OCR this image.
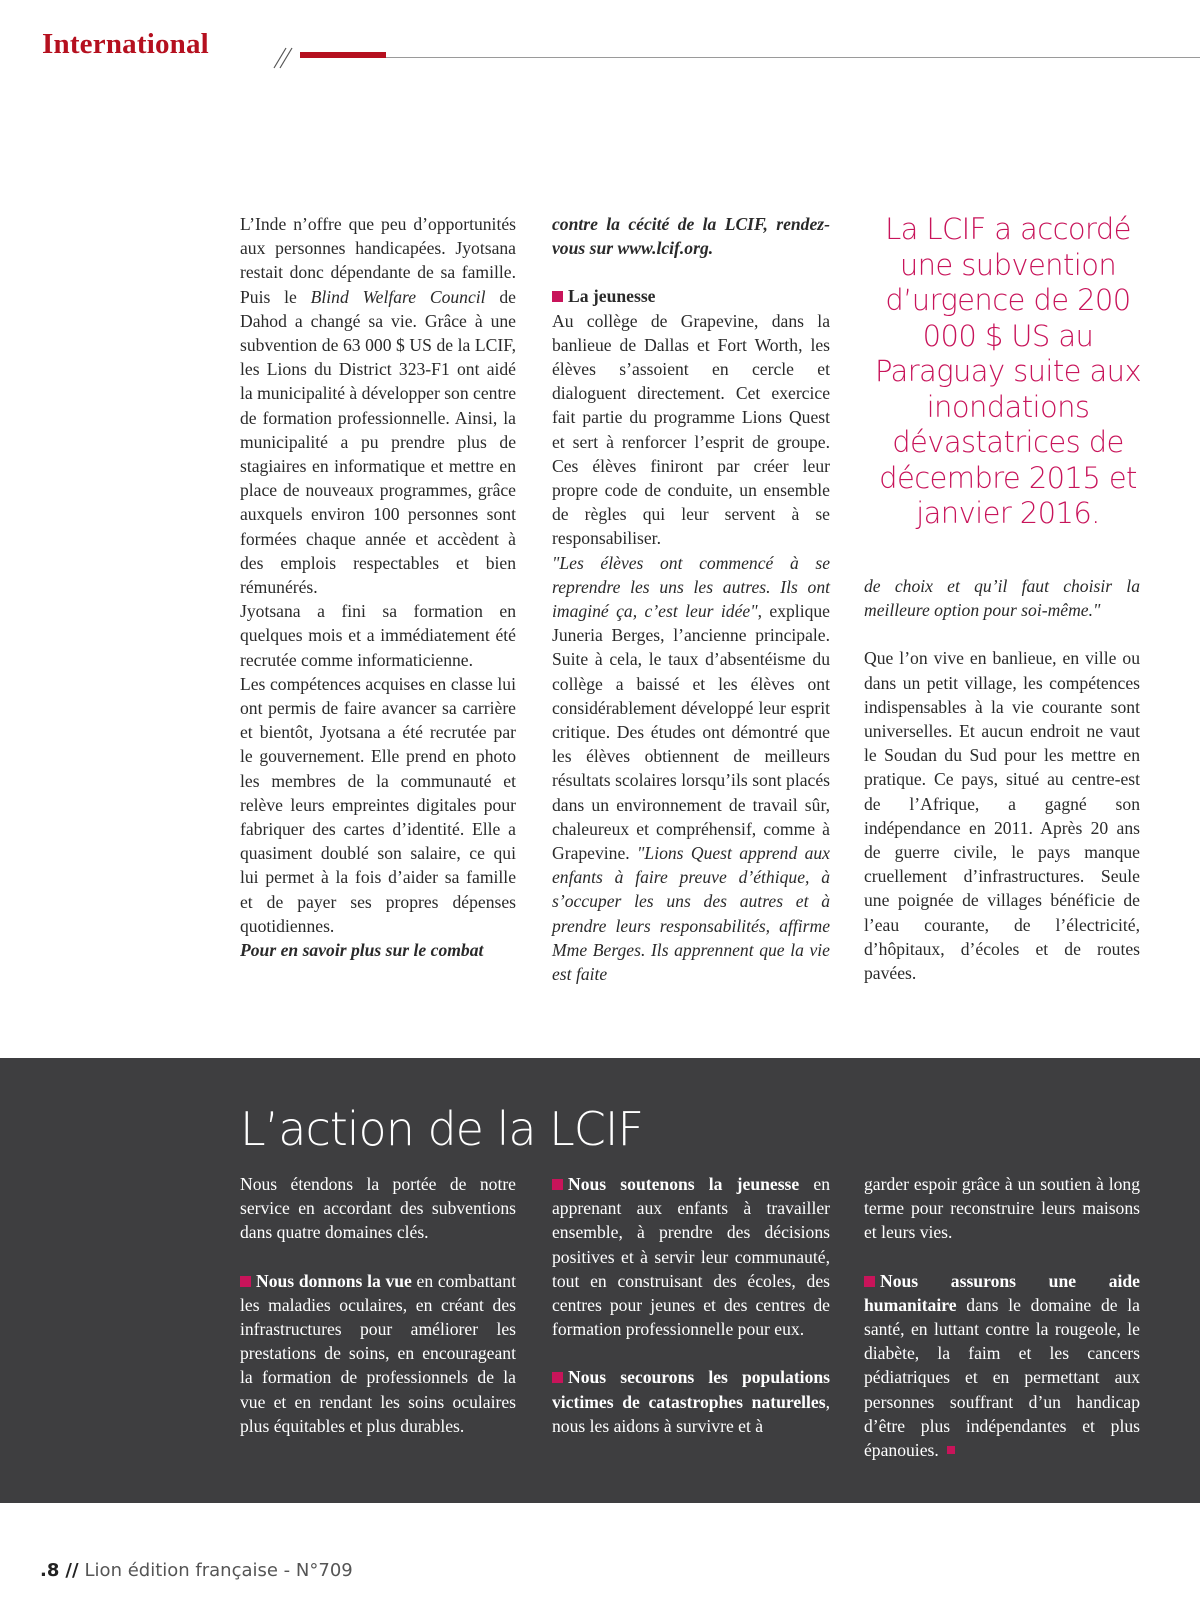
International

L’Inde n’offre que peu d’opportunités aux personnes handicapées. Jyotsana restait donc dépendante de sa famille. Puis le Blind Welfare Council de Dahod a changé sa vie. Grâce à une subvention de 63 000 $ US de la LCIF, les Lions du District 323-F1 ont aidé la municipalité à développer son centre de formation professionnelle. Ainsi, la municipalité a pu prendre plus de stagiaires en informatique et mettre en place de nouveaux programmes, grâce auxquels environ 100 personnes sont formées chaque année et accèdent à des emplois respectables et bien rémunérés.

Jyotsana a fini sa formation en quelques mois et a immédiatement été recrutée comme informaticienne.

Les compétences acquises en classe lui ont permis de faire avancer sa carrière et bientôt, Jyotsana a été recrutée par le gouvernement. Elle prend en photo les membres de la communauté et relève leurs empreintes digitales pour fabriquer des cartes d’identité. Elle a quasiment doublé son salaire, ce qui lui permet à la fois d’aider sa famille et de payer ses propres dépenses quotidiennes.

Pour en savoir plus sur le combat

contre la cécité de la LCIF, rendez-vous sur www.lcif.org.

La jeunesse

Au collège de Grapevine, dans la banlieue de Dallas et Fort Worth, les élèves s’assoient en cercle et dialoguent directement. Cet exercice fait partie du programme Lions Quest et sert à renforcer l’esprit de groupe. Ces élèves finiront par créer leur propre code de conduite, un ensemble de règles qui leur servent à se responsabiliser.

"Les élèves ont commencé à se reprendre les uns les autres. Ils ont imaginé ça, c’est leur idée", explique Juneria Berges, l’ancienne principale. Suite à cela, le taux d’absentéisme du collège a baissé et les élèves ont considérablement développé leur esprit critique. Des études ont démontré que les élèves obtiennent de meilleurs résultats scolaires lorsqu’ils sont placés dans un environnement de travail sûr, chaleureux et compréhensif, comme à Grapevine. "Lions Quest apprend aux enfants à faire preuve d’éthique, à s’occuper les uns des autres et à prendre leurs responsabilités, affirme Mme Berges. Ils apprennent que la vie est faite

La LCIF a accordé une subvention d’urgence de 200 000 $ US au Paraguay suite aux inondations dévastatrices de décembre 2015 et janvier 2016.

de choix et qu’il faut choisir la meilleure option pour soi-même."

Que l’on vive en banlieue, en ville ou dans un petit village, les compétences indispensables à la vie courante sont universelles. Et aucun endroit ne vaut le Soudan du Sud pour les mettre en pratique. Ce pays, situé au centre-est de l’Afrique, a gagné son indépendance en 2011. Après 20 ans de guerre civile, le pays manque cruellement d’infrastructures. Seule une poignée de villages bénéficie de l’eau courante, de l’électricité, d’hôpitaux, d’écoles et de routes pavées.

L’action de la LCIF

Nous étendons la portée de notre service en accordant des subventions dans quatre domaines clés.

Nous donnons la vue en combattant les maladies oculaires, en créant des infrastructures pour améliorer les prestations de soins, en encourageant la formation de professionnels de la vue et en rendant les soins oculaires plus équitables et plus durables.

Nous soutenons la jeunesse en apprenant aux enfants à travailler ensemble, à prendre des décisions positives et à servir leur communauté, tout en construisant des écoles, des centres pour jeunes et des centres de formation professionnelle pour eux.

Nous secourons les populations victimes de catastrophes naturelles, nous les aidons à survivre et à

garder espoir grâce à un soutien à long terme pour reconstruire leurs maisons et leurs vies.

Nous assurons une aide humanitaire dans le domaine de la santé, en luttant contre la rougeole, le diabète, la faim et les cancers pédiatriques et en permettant aux personnes souffrant d’un handicap d’être plus indépendantes et plus épanouies.

.8 // Lion édition française - N°709
